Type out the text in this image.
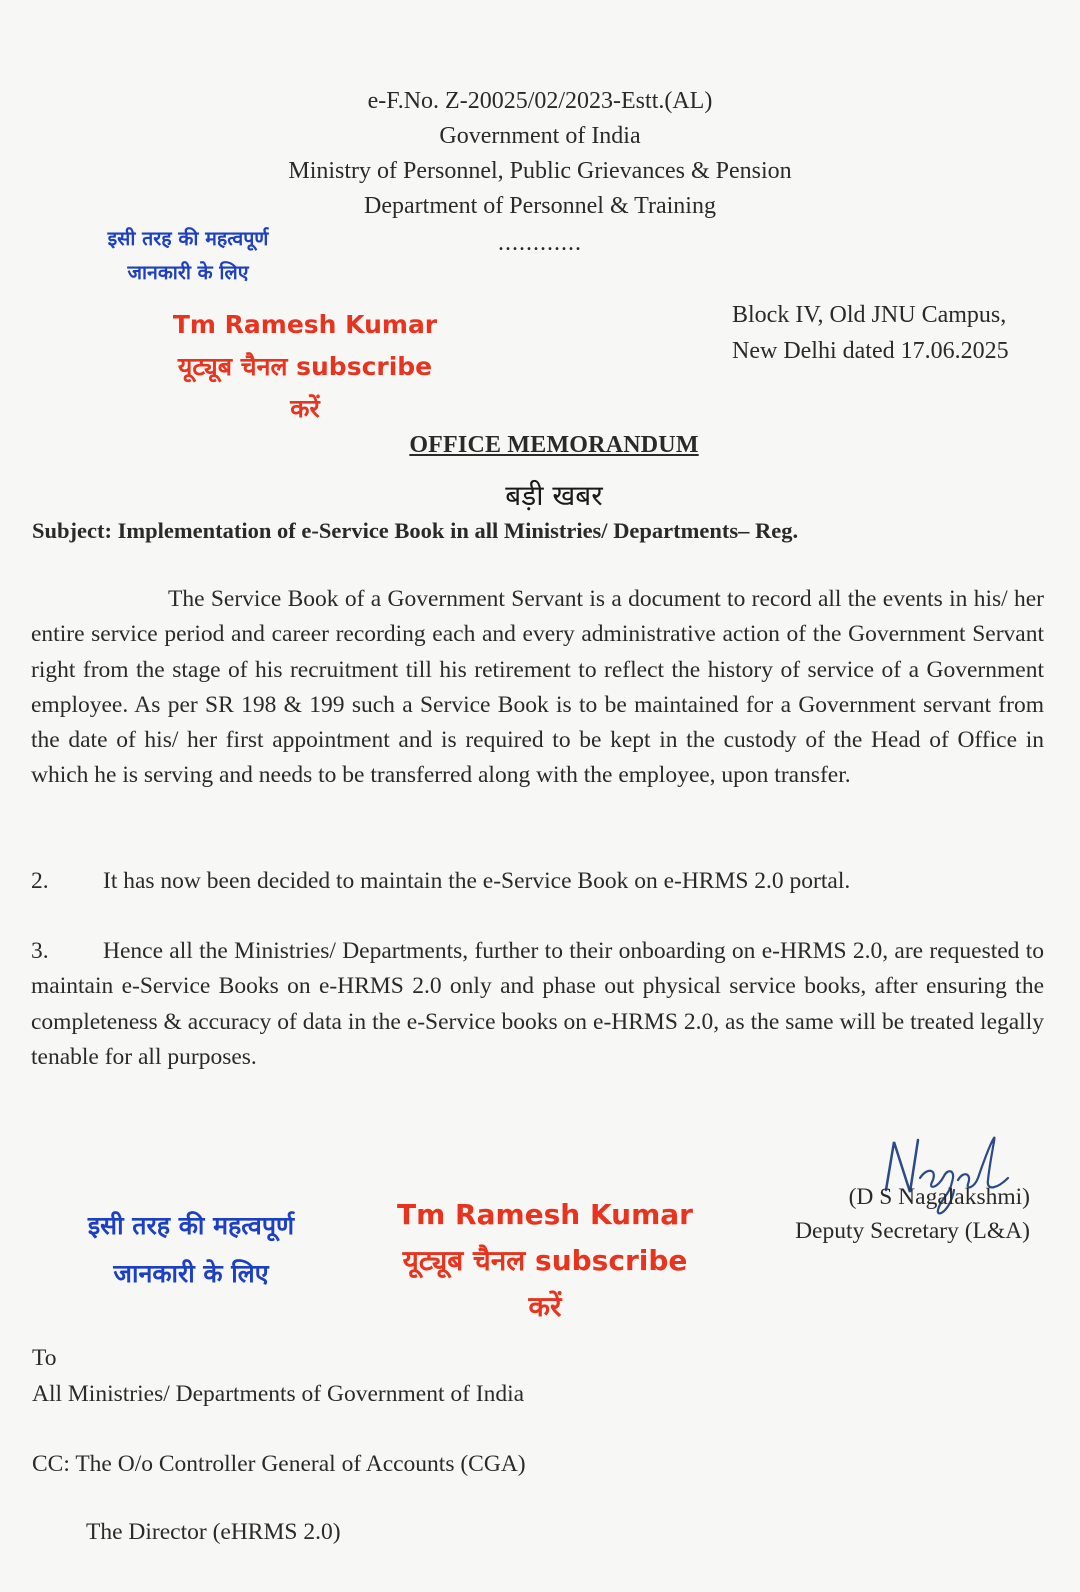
e-F.No. Z-20025/02/2023-Estt.(AL)
Government of India
Ministry of Personnel, Public Grievances & Pension
Department of Personnel & Training
............
Block IV, Old JNU Campus,
New Delhi dated 17.06.2025
इसी तरह की महत्वपूर्ण
जानकारी के लिए
Tm Ramesh Kumar
यूट्यूब चैनल subscribe
करें
OFFICE MEMORANDUM
बड़ी खबर
Subject: Implementation of e-Service Book in all Ministries/ Departments– Reg.
The Service Book of a Government Servant is a document to record all the events in his/ her entire service period and career recording each and every administrative action of the Government Servant right from the stage of his recruitment till his retirement to reflect the history of service of a Government employee. As per SR 198 & 199 such a Service Book is to be maintained for a Government servant from the date of his/ her first appointment and is required to be kept in the custody of the Head of Office in which he is serving and needs to be transferred along with the employee, upon transfer.
2. It has now been decided to maintain the e-Service Book on e-HRMS 2.0 portal.
3. Hence all the Ministries/ Departments, further to their onboarding on e-HRMS 2.0, are requested to maintain e-Service Books on e-HRMS 2.0 only and phase out physical service books, after ensuring the completeness & accuracy of data in the e-Service books on e-HRMS 2.0, as the same will be treated legally tenable for all purposes.
(D S Nagalakshmi)
Deputy Secretary (L&A)
इसी तरह की महत्वपूर्ण
जानकारी के लिए
Tm Ramesh Kumar
यूट्यूब चैनल subscribe
करें
To
All Ministries/ Departments of Government of India
CC: The O/o Controller General of Accounts (CGA)
The Director (eHRMS 2.0)
